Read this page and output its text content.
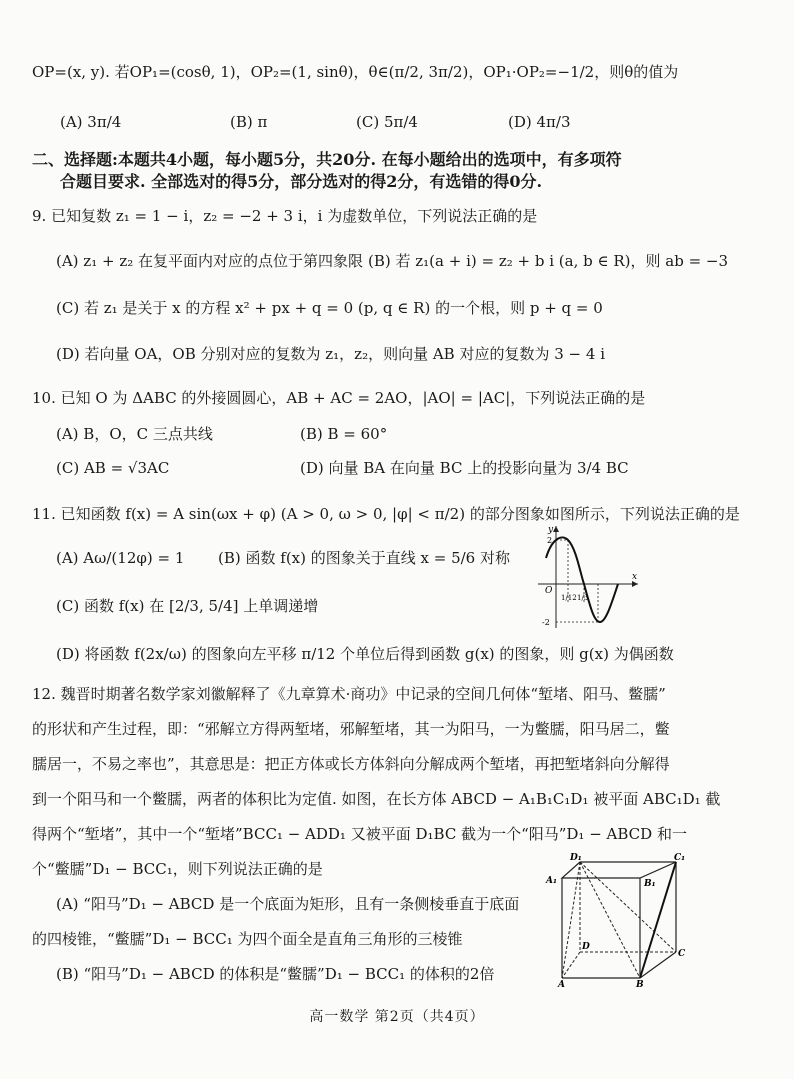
OP=(x, y). 若OP₁=(cosθ, 1)，OP₂=(1, sinθ)，θ∈(π/2, 3π/2)，OP₁·OP₂=−1/2，则θ的值为
(A) 3π/4	(B) π	(C) 5π/4	(D) 4π/3
二、选择题:本题共4小题，每小题5分，共20分. 在每小题给出的选项中，有多项符
合题目要求. 全部选对的得5分，部分选对的得2分，有选错的得0分.
9. 已知复数 z₁ = 1 − i，z₂ = −2 + 3 i，i 为虚数单位，下列说法正确的是
(A) z₁ + z₂ 在复平面内对应的点位于第四象限 (B) 若 z₁(a + i) = z₂ + b i (a, b ∈ R)，则 ab = −3
(C) 若 z₁ 是关于 x 的方程 x² + px + q = 0 (p, q ∈ R) 的一个根，则 p + q = 0
(D) 若向量 OA，OB 分别对应的复数为 z₁，z₂，则向量 AB 对应的复数为 3 − 4 i
10. 已知 O 为 ΔABC 的外接圆圆心，AB + AC = 2AO，|AO| = |AC|，下列说法正确的是
(A) B，O，C 三点共线	(B) B = 60°
(C) AB = √3AC	(D) 向量 BA 在向量 BC 上的投影向量为 3/4 BC
11. 已知函数 f(x) = A sin(ωx + φ) (A > 0, ω > 0, |φ| < π/2) 的部分图象如图所示，下列说法正确的是
(A) Aω/(12φ) = 1 (B) 函数 f(x) 的图象关于直线 x = 5/6 对称
(C) 函数 f(x) 在 [2/3, 5/4] 上单调递增
(D) 将函数 f(2x/ω) 的图象向左平移 π/12 个单位后得到函数 g(x) 的图象，则 g(x) 为偶函数
y
x
O
2
-2
1/12 1/3
12. 魏晋时期著名数学家刘徽解释了《九章算术·商功》中记录的空间几何体“堑堵、阳马、鳖臑”
的形状和产生过程，即：“邪解立方得两堑堵，邪解堑堵，其一为阳马，一为鳖臑，阳马居二，鳖
臑居一，不易之率也”，其意思是：把正方体或长方体斜向分解成两个堑堵，再把堑堵斜向分解得
到一个阳马和一个鳖臑，两者的体积比为定值. 如图，在长方体 ABCD − A₁B₁C₁D₁ 被平面 ABC₁D₁ 截
得两个“堑堵”，其中一个“堑堵”BCC₁ − ADD₁ 又被平面 D₁BC 截为一个“阳马”D₁ − ABCD 和一
个“鳖臑”D₁ − BCC₁，则下列说法正确的是
(A) “阳马”D₁ − ABCD 是一个底面为矩形，且有一条侧棱垂直于底面
的四棱锥，“鳖臑”D₁ − BCC₁ 为四个面全是直角三角形的三棱锥
(B) “阳马”D₁ − ABCD 的体积是“鳖臑”D₁ − BCC₁ 的体积的2倍
D₁	C₁
A₁	B₁
D
C
A	B
高一数学 第2页（共4页）
